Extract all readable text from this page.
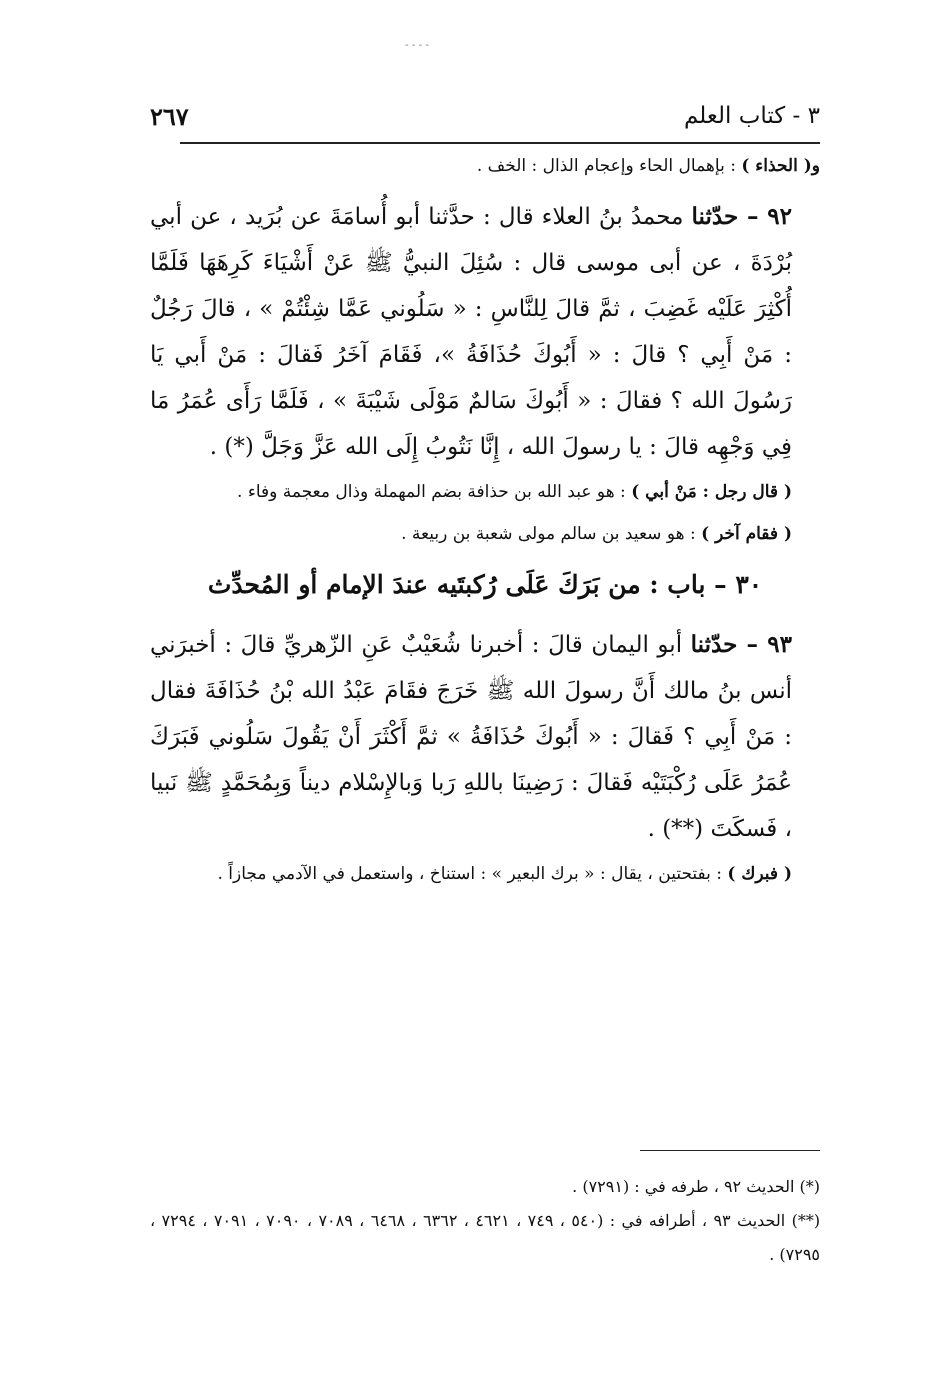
- - - -
٣ - كتاب العلم
٢٦٧

و( الحذاء ) : بإهمال الحاء وإعجام الذال : الخف .

٩٢ – حدّثنا محمدُ بنُ العلاء قال : حدَّثنا أبو أُسامَةَ عن بُرَيد ، عن أبي بُرْدَةَ ، عن أبى موسى قال : سُئِلَ النبيُّ ﷺ عَنْ أَشْيَاءَ كَرِهَهَا فَلَمَّا أُكْثِرَ عَلَيْه غَضِبَ ، ثمَّ قالَ لِلنَّاسِ : « سَلُوني عَمَّا شِئْتُمْ » ، قالَ رَجُلٌ : مَنْ أَبِي ؟ قالَ : « أَبُوكَ حُذَافَةُ »، فَقَامَ آخَرُ فَقالَ : مَنْ أَبي يَا رَسُولَ الله ؟ فقالَ : « أَبُوكَ سَالمٌ مَوْلَى شَيْبَةَ » ، فَلَمَّا رَأَى عُمَرُ مَا فِي وَجْهِه قالَ : يا رسولَ الله ، إِنَّا نَتُوبُ إِلَى الله عَزَّ وَجَلَّ (*) .

( قال رجل : مَنْ أبي ) : هو عبد الله بن حذافة بضم المهملة وذال معجمة وفاء .

( فقام آخر ) : هو سعيد بن سالم مولى شعبة بن ربيعة .

٣٠ – باب : من بَرَكَ عَلَى رُكبتَيه عندَ الإمام أو المُحدِّث

٩٣ – حدّثنا أبو اليمان قالَ : أخبرنا شُعَيْبٌ عَنِ الزّهريِّ قالَ : أخبرَني أنس بنُ مالك أَنَّ رسولَ الله ﷺ خَرَجَ فقَامَ عَبْدُ الله بْنُ حُذَافَةَ فقال : مَنْ أَبِي ؟ فَقالَ : « أَبُوكَ حُذَافَةُ » ثمَّ أَكْثَرَ أَنْ يَقُولَ سَلُوني فَبَرَكَ عُمَرُ عَلَى رُكْبَتَيْه فَقالَ : رَضِينَا باللهِ رَبا وَبالإِسْلام ديناً وَبِمُحَمَّدٍ ﷺ نَبيا ، فَسكَتَ (**) .

( فبرك ) : بفتحتين ، يقال : « برك البعير » : استناخ ، واستعمل في الآدمي مجازاً .

(*) الحديث ٩٢ ، طرفه في : (٧٢٩١) .

(**) الحديث ٩٣ ، أطرافه في : (٥٤٠ ، ٧٤٩ ، ٤٦٢١ ، ٦٣٦٢ ، ٦٤٦٨ ، ٧٠٨٩ ، ٧٠٩٠ ، ٧٠٩١ ، ٧٢٩٤ ، ٧٢٩٥) .
